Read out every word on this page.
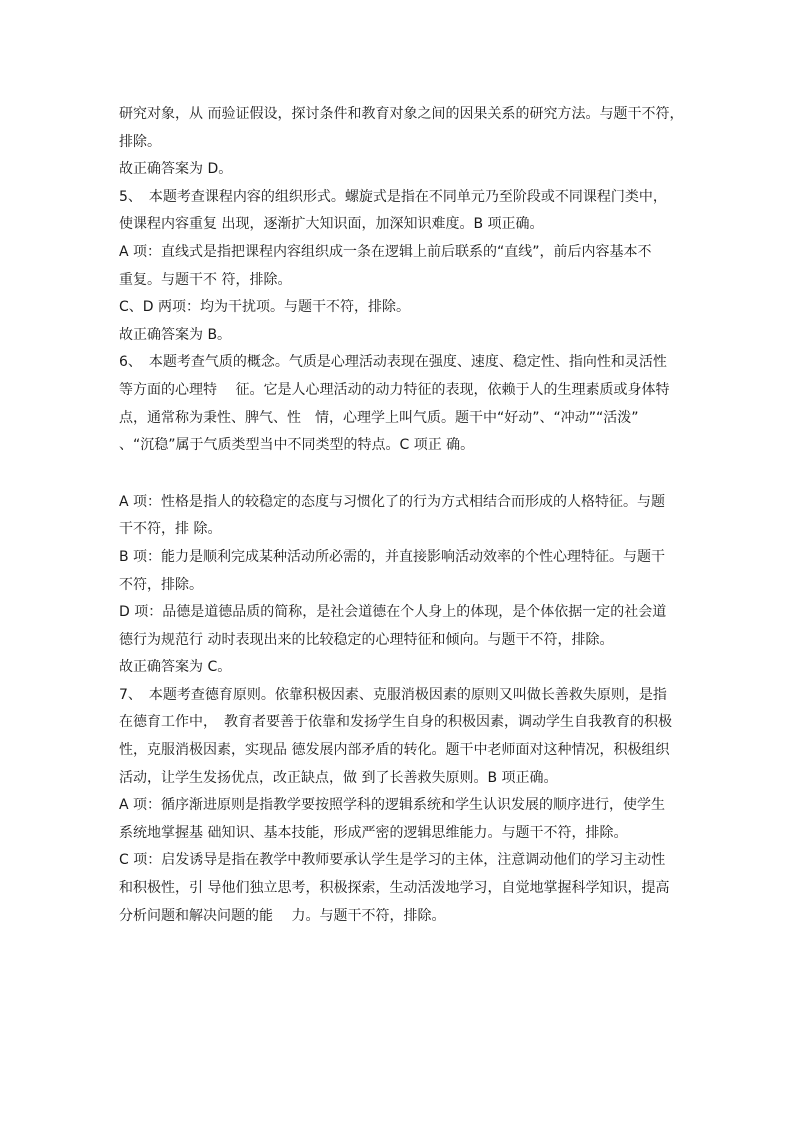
研究对象，从 而验证假设，探讨条件和教育对象之间的因果关系的研究方法。与题干不符，
排除。
故正确答案为 D。
5、　本题考查课程内容的组织形式。螺旋式是指在不同单元乃至阶段或不同课程门类中，
使课程内容重复 出现，逐渐扩大知识面，加深知识难度。B 项正确。
A 项：直线式是指把课程内容组织成一条在逻辑上前后联系的“直线”，前后内容基本不
重复。与题干不 符，排除。
C、D 两项：均为干扰项。与题干不符，排除。
故正确答案为 B。
6、　本题考查气质的概念。气质是心理活动表现在强度、速度、稳定性、指向性和灵活性
等方面的心理特　 征。它是人心理活动的动力特征的表现，依赖于人的生理素质或身体特
点，通常称为秉性、脾气、性　情，心理学上叫气质。题干中“好动”、“冲动”“活泼”
、“沉稳”属于气质类型当中不同类型的特点。C 项正 确。
A 项：性格是指人的较稳定的态度与习惯化了的行为方式相结合而形成的人格特征。与题
干不符，排 除。
B 项：能力是顺利完成某种活动所必需的，并直接影响活动效率的个性心理特征。与题干
不符，排除。
D 项：品德是道德品质的简称，是社会道德在个人身上的体现，是个体依据一定的社会道
德行为规范行 动时表现出来的比较稳定的心理特征和倾向。与题干不符，排除。
故正确答案为 C。
7、　本题考查德育原则。依靠积极因素、克服消极因素的原则又叫做长善救失原则，是指
在德育工作中，　教育者要善于依靠和发扬学生自身的积极因素，调动学生自我教育的积极
性，克服消极因素，实现品 德发展内部矛盾的转化。题干中老师面对这种情况，积极组织
活动，让学生发扬优点，改正缺点，做 到了长善救失原则。B 项正确。
A 项：循序渐进原则是指教学要按照学科的逻辑系统和学生认识发展的顺序进行，使学生
系统地掌握基 础知识、基本技能，形成严密的逻辑思维能力。与题干不符，排除。
C 项：启发诱导是指在教学中教师要承认学生是学习的主体，注意调动他们的学习主动性
和积极性，引 导他们独立思考，积极探索，生动活泼地学习，自觉地掌握科学知识，提高
分析问题和解决问题的能　 力。与题干不符，排除。
